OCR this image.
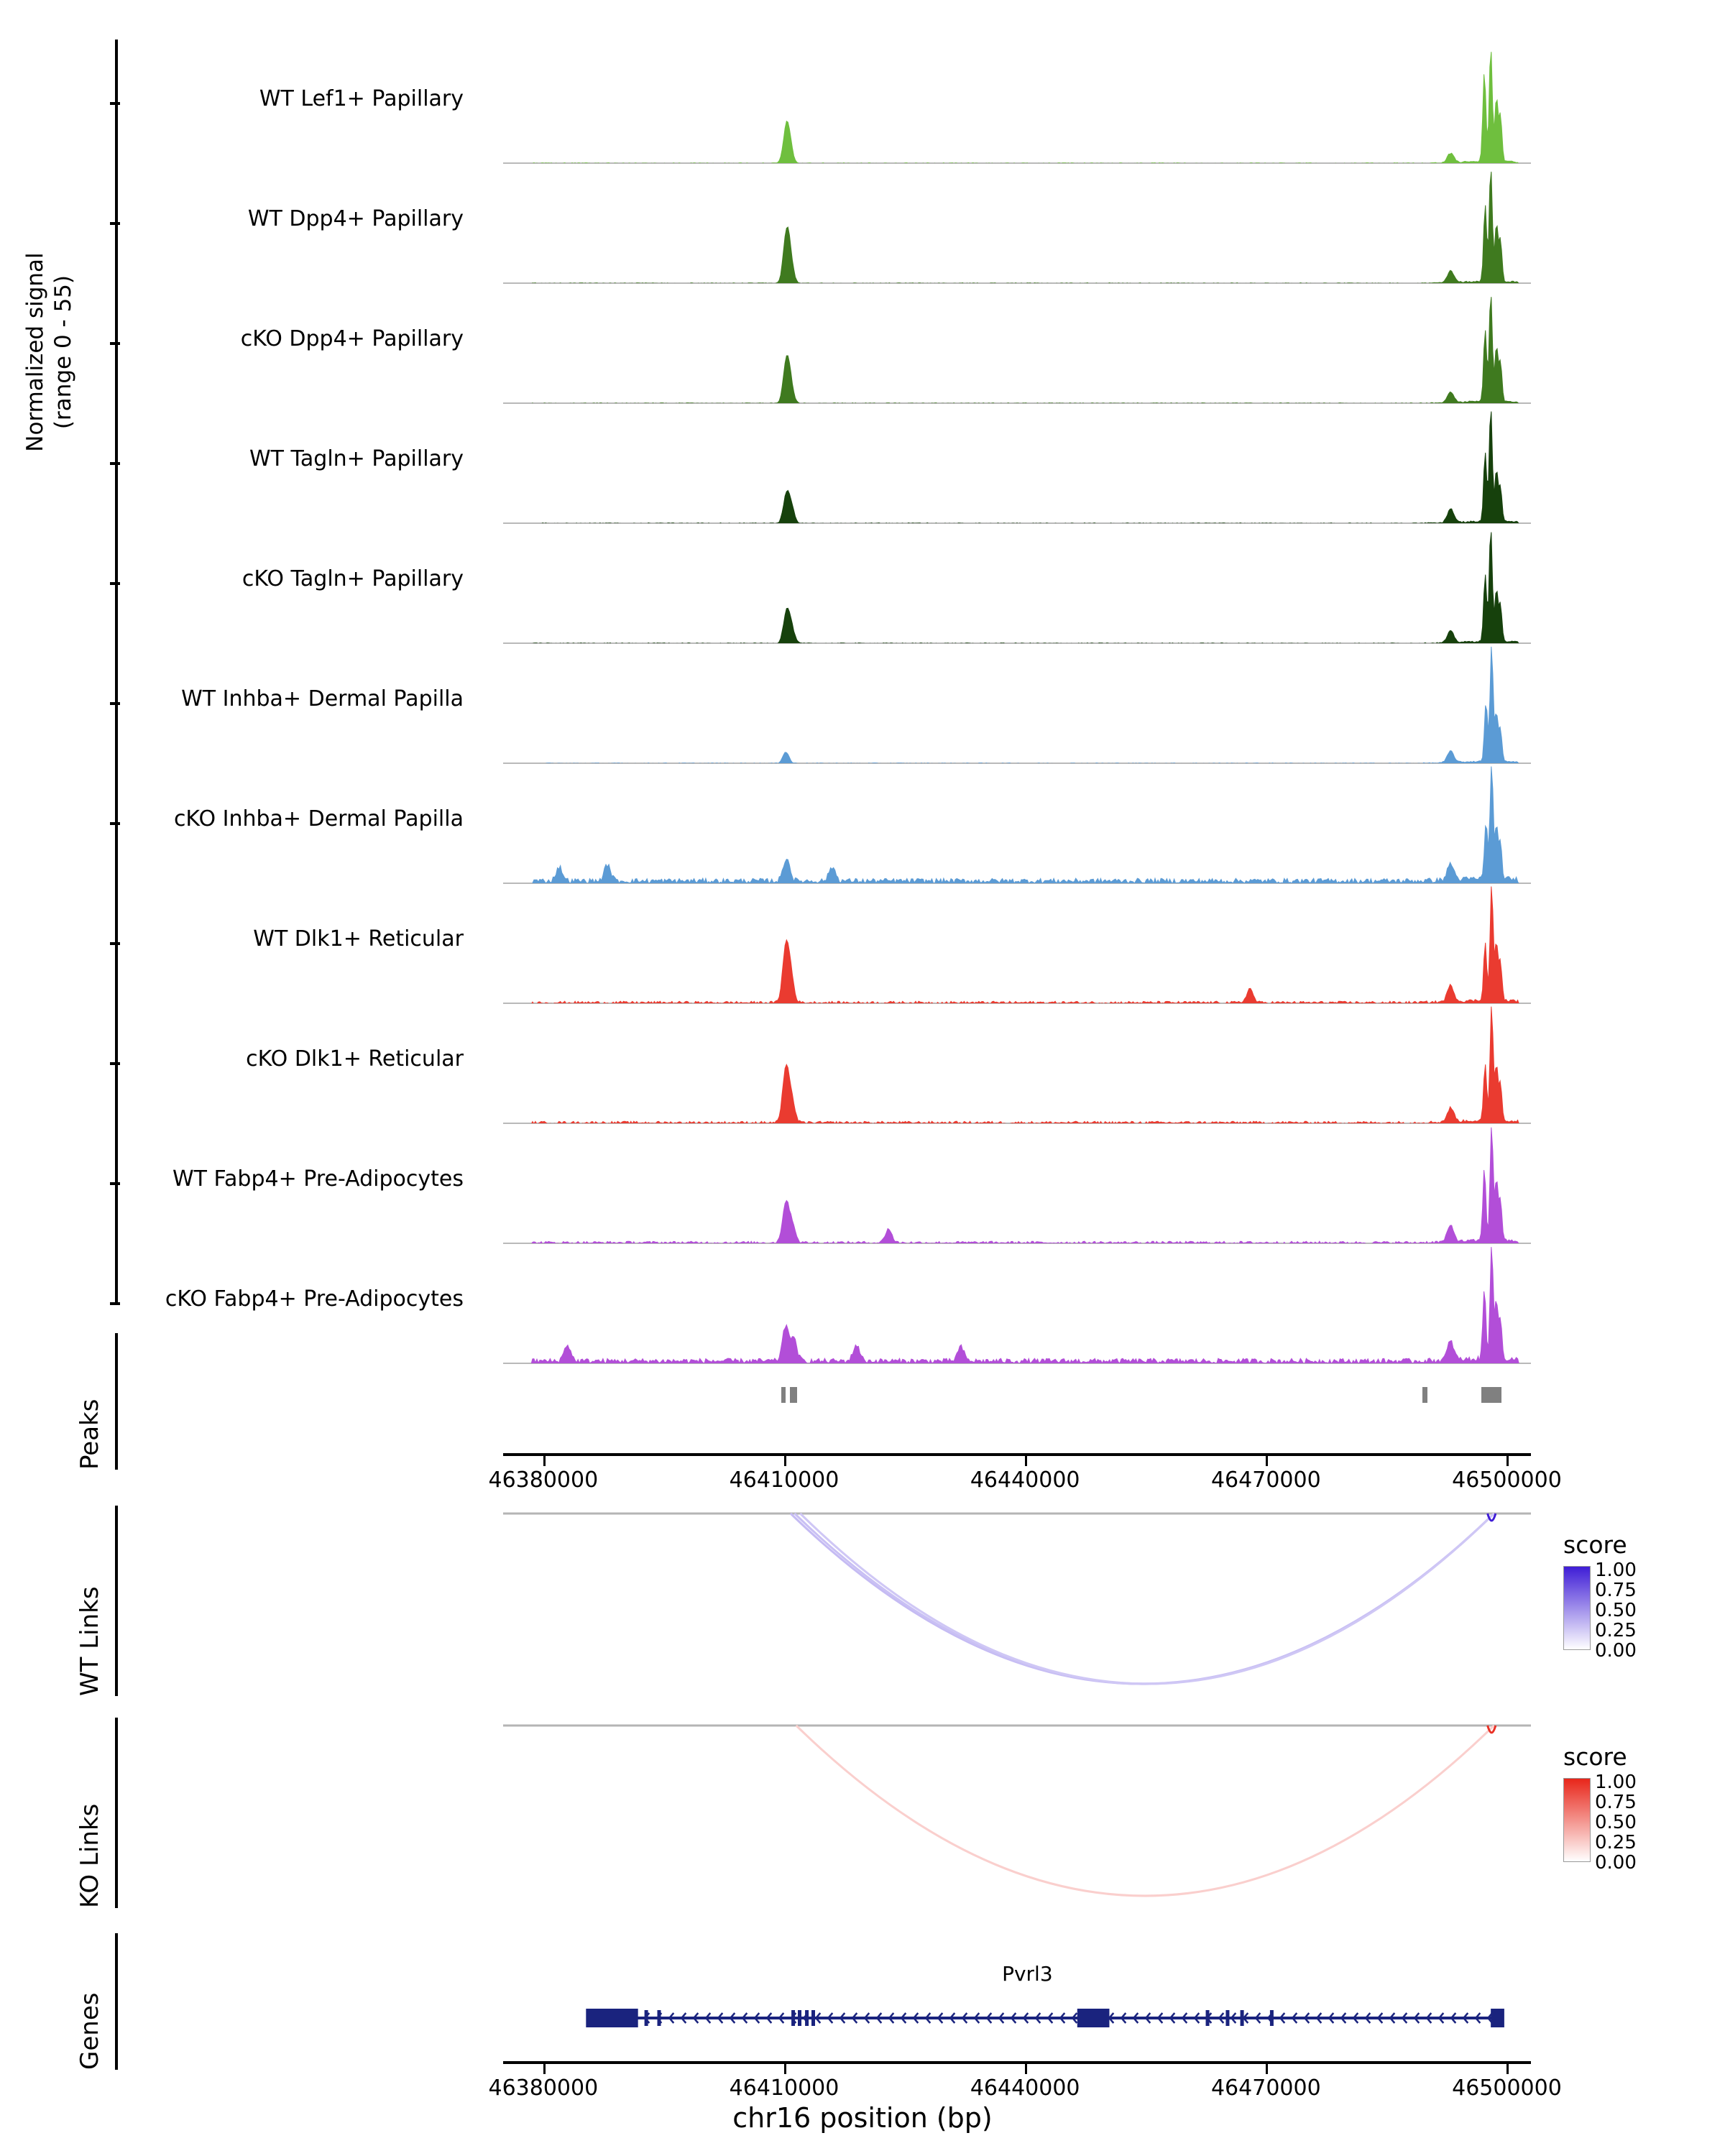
Normalized signal (range 0 - 55)
WT Lef1+ Papillary
WT Dpp4+ Papillary
cKO Dpp4+ Papillary
WT Tagln+ Papillary
cKO Tagln+ Papillary
WT Inhba+ Dermal Papilla
cKO Inhba+ Dermal Papilla
WT Dlk1+ Reticular
cKO Dlk1+ Reticular
WT Fabp4+ Pre-Adipocytes
cKO Fabp4+ Pre-Adipocytes
Peaks
46380000	46410000	46440000	46470000	46500000
WT Links
score
1.00
0.75
0.50
0.25
0.00
KO Links
score
1.00
0.75
0.50
0.25
0.00
Genes
Pvrl3
46380000	46410000	46440000	46470000	46500000
chr16 position (bp)
